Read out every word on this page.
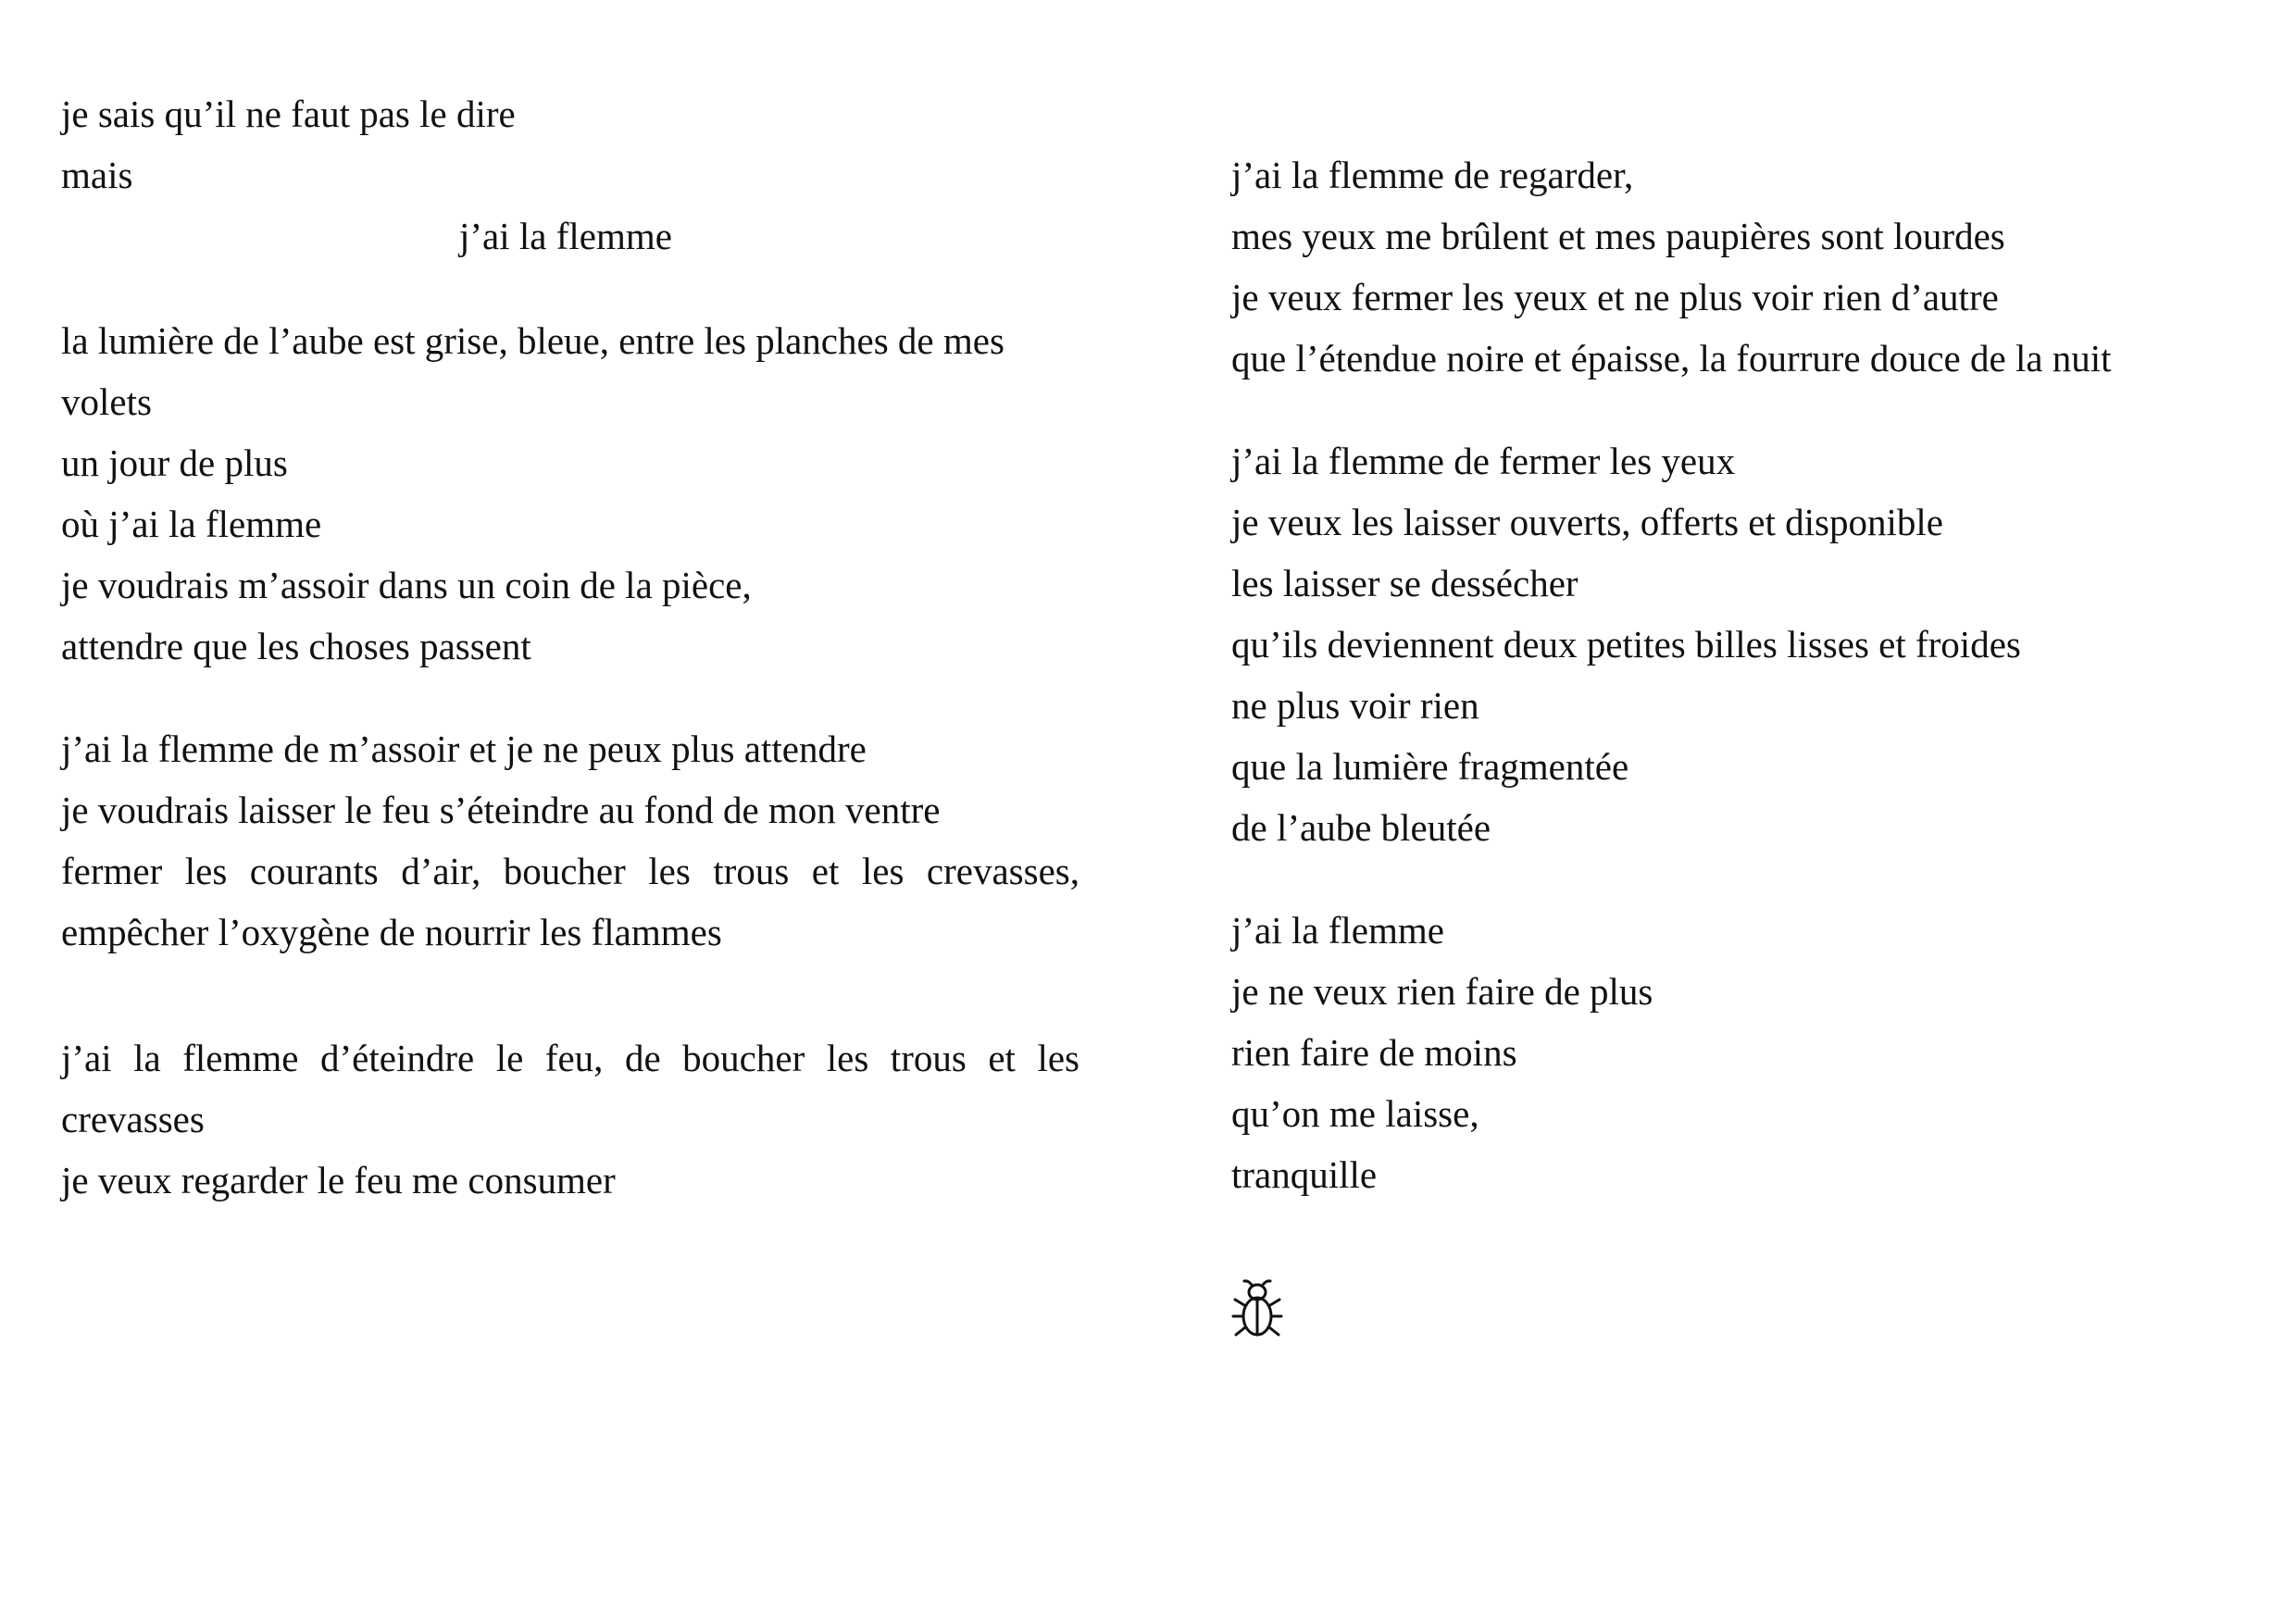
je sais qu’il ne faut pas le dire
mais
j’ai la flemme
la lumière de l’aube est grise, bleue, entre les planches de mes
volets
un jour de plus
où j’ai la flemme
je voudrais m’assoir dans un coin de la pièce,
attendre que les choses passent
j’ai la flemme de m’assoir et je ne peux plus attendre
je voudrais laisser le feu s’éteindre au fond de mon ventre
fermer les courants d’air, boucher les trous et les crevasses,
empêcher l’oxygène de nourrir les flammes
j’ai la flemme d’éteindre le feu, de boucher les trous et les
crevasses
je veux regarder le feu me consumer
j’ai la flemme de regarder,
mes yeux me brûlent et mes paupières sont lourdes
je veux fermer les yeux et ne plus voir rien d’autre
que l’étendue noire et épaisse, la fourrure douce de la nuit
j’ai la flemme de fermer les yeux
je veux les laisser ouverts, offerts et disponible
les laisser se dessécher
qu’ils deviennent deux petites billes lisses et froides
ne plus voir rien
que la lumière fragmentée
de l’aube bleutée
j’ai la flemme
je ne veux rien faire de plus
rien faire de moins
qu’on me laisse,
tranquille
